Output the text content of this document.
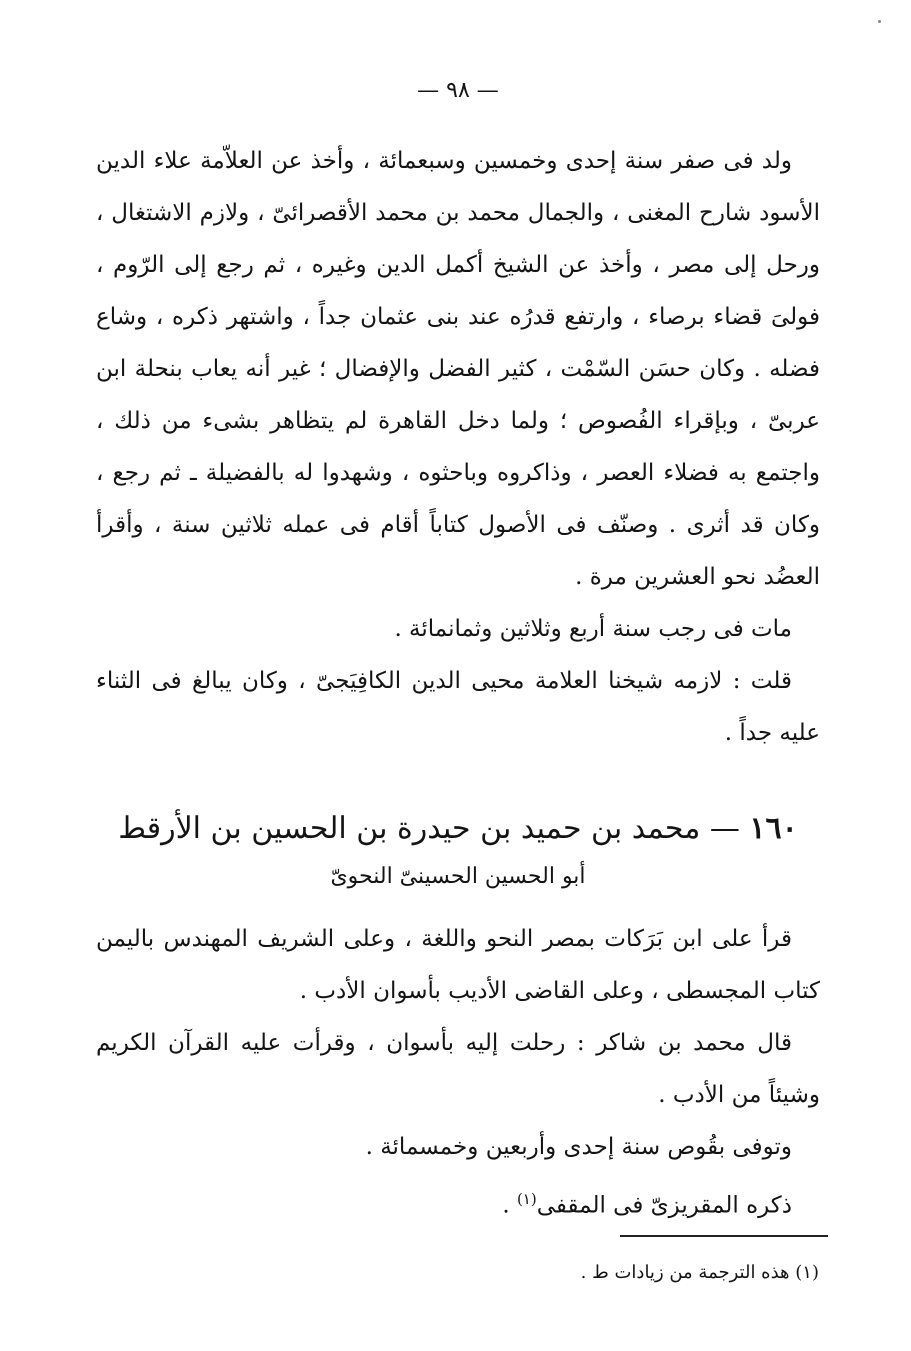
— ٩٨ —

ولد فى صفر سنة إحدى وخمسين وسبعمائة ، وأخذ عن العلاّمة علاء الدين الأسود شارح المغنى ، والجمال محمد بن محمد الأقصرائىّ ، ولازم الاشتغال ، ورحل إلى مصر ، وأخذ عن الشيخ أكمل الدين وغيره ، ثم رجع إلى الرّوم ، فولىَ قضاء برصاء ، وارتفع قدرُه عند بنى عثمان جداً ، واشتهر ذكره ، وشاع فضله . وكان حسَن السّمْت ، كثير الفضل والإفضال ؛ غير أنه يعاب بنحلة ابن عربىّ ، وبإقراء الفُصوص ؛ ولما دخل القاهرة لم يتظاهر بشىء من ذلك ، واجتمع به فضلاء العصر ، وذاكروه وباحثوه ، وشهدوا له بالفضيلة ـ ثم رجع ، وكان قد أثرى . وصنّف فى الأصول كتاباً أقام فى عمله ثلاثين سنة ، وأقرأ العضُد نحو العشرين مرة .

مات فى رجب سنة أربع وثلاثين وثمانمائة .

قلت : لازمه شيخنا العلامة محيى الدين الكافِيَجىّ ، وكان يبالغ فى الثناء عليه جداً .

١٦٠ — محمد بن حميد بن حيدرة بن الحسين بن الأرقط
أبو الحسين الحسينىّ النحوىّ

قرأ على ابن بَرَكات بمصر النحو واللغة ، وعلى الشريف المهندس باليمن كتاب المجسطى ، وعلى القاضى الأديب بأسوان الأدب .

قال محمد بن شاكر : رحلت إليه بأسوان ، وقرأت عليه القرآن الكريم وشيئاً من الأدب .

وتوفى بقُوص سنة إحدى وأربعين وخمسمائة .

ذكره المقريزىّ فى المقفى$^{(١)}$ .

(١) هذه الترجمة من زيادات ط .
